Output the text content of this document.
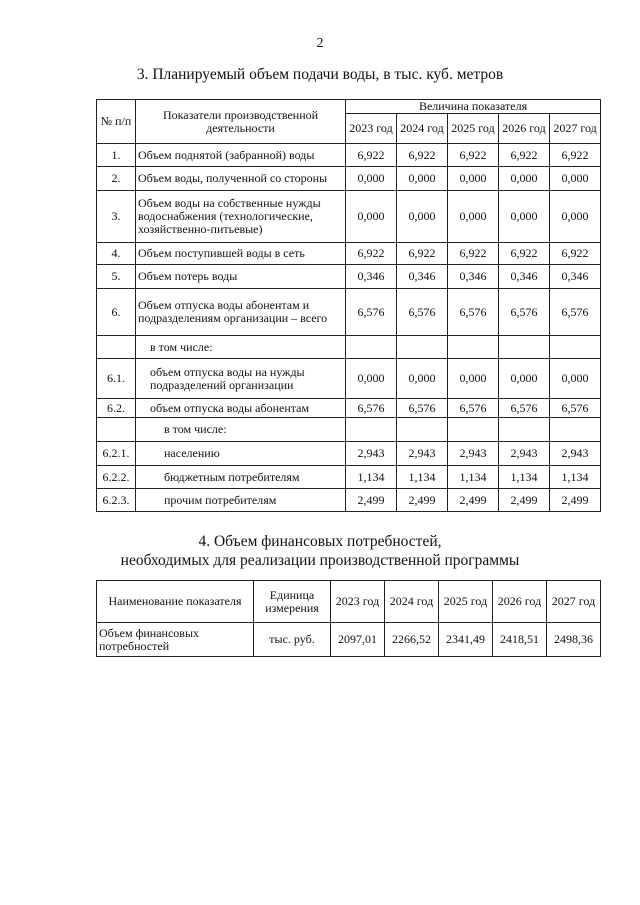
2
3. Планируемый объем подачи воды, в тыс. куб. метров
№ п/п	Показатели производственной деятельности	Величина показателя				
		2023 год	2024 год	2025 год	2026 год	2027 год
1.	Объем поднятой (забранной) воды	6,922	6,922	6,922	6,922	6,922
2.	Объем воды, полученной со стороны	0,000	0,000	0,000	0,000	0,000
3.	Объем воды на собственные нужды водоснабжения (технологические, хозяйственно-питьевые)	0,000	0,000	0,000	0,000	0,000
4.	Объем поступившей воды в сеть	6,922	6,922	6,922	6,922	6,922
5.	Объем потерь воды	0,346	0,346	0,346	0,346	0,346
6.	Объем отпуска воды абонентам и подразделениям организации – всего	6,576	6,576	6,576	6,576	6,576
	в том числе:					
6.1.	объем отпуска воды на нужды подразделений организации	0,000	0,000	0,000	0,000	0,000
6.2.	объем отпуска воды абонентам	6,576	6,576	6,576	6,576	6,576
	в том числе:					
6.2.1.	населению	2,943	2,943	2,943	2,943	2,943
6.2.2.	бюджетным потребителям	1,134	1,134	1,134	1,134	1,134
6.2.3.	прочим потребителям	2,499	2,499	2,499	2,499	2,499
4. Объем финансовых потребностей,
необходимых для реализации производственной программы
Наименование показателя	Единица измерения	2023 год	2024 год	2025 год	2026 год	2027 год
Объем финансовых потребностей	тыс. руб.	2097,01	2266,52	2341,49	2418,51	2498,36
